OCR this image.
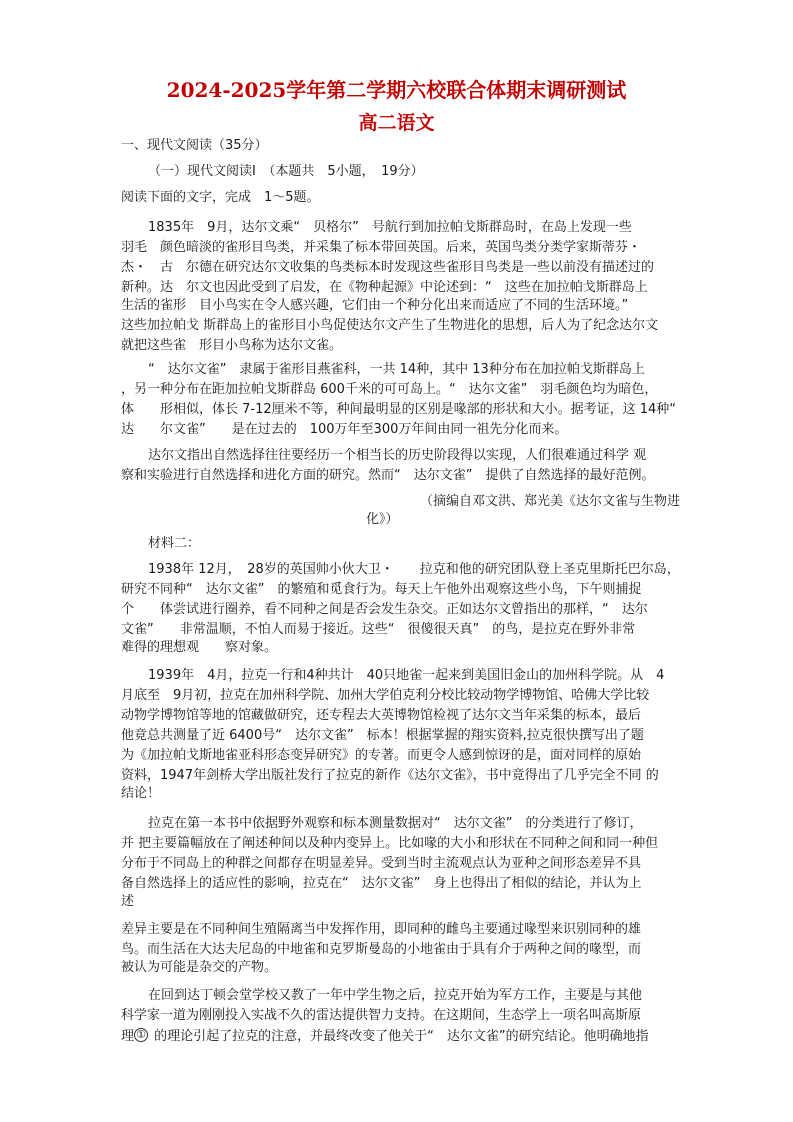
2024-2025学年第二学期六校联合体期末调研测试
高二语文
一、现代文阅读（35分）
（一）现代文阅读Ⅰ　（本题共　5小题，　19分）
阅读下面的文字，完成　1～5题。
1835年　9月，达尔文乘“　贝格尔”　号航行到加拉帕戈斯群岛时，在岛上发现一些
羽毛　颜色暗淡的雀形目鸟类，并采集了标本带回英国。后来，英国鸟类分类学家斯蒂芬・
杰・　古　尔德在研究达尔文收集的鸟类标本时发现这些雀形目鸟类是一些以前没有描述过的
新种。达　尔文也因此受到了启发，在《物种起源》中论述到：“　这些在加拉帕戈斯群岛上
生活的雀形　目小鸟实在令人感兴趣，它们由一个种分化出来而适应了不同的生活环境。”
这些加拉帕戈 斯群岛上的雀形目小鸟促使达尔文产生了生物进化的思想，后人为了纪念达尔文
就把这些雀　形目小鸟称为达尔文雀。
“　达尔文雀”　隶属于雀形目燕雀科，一共 14种，其中 13种分布在加拉帕戈斯群岛上
，另一种分布在距加拉帕戈斯群岛 600千米的可可岛上。“　达尔文雀”　羽毛颜色均为暗色，
体　　形相似，体长 7-12厘米不等，种间最明显的区别是喙部的形状和大小。据考证，这 14种“
达　　尔文雀”　　是在过去的　100万年至300万年间由同一祖先分化而来。
达尔文指出自然选择往往要经历一个相当长的历史阶段得以实现，人们很难通过科学 观
察和实验进行自然选择和进化方面的研究。然而“　达尔文雀”　提供了自然选择的最好范例。
（摘编自邓文洪、郑光美《达尔文雀与生物进
化》）
材料二：
1938年 12月，　28岁的英国帅小伙大卫・　　拉克和他的研究团队登上圣克里斯托巴尔岛，
研究不同种“　达尔文雀”　的繁殖和觅食行为。每天上午他外出观察这些小鸟，下午则捕捉
个　　体尝试进行圈养，看不同种之间是否会发生杂交。正如达尔文曾指出的那样，“　达尔
文雀”　　非常温顺，不怕人而易于接近。这些“　很傻很天真”　的鸟，是拉克在野外非常
难得的理想观　　察对象。
1939年　4月，拉克一行和4种共计　40只地雀一起来到美国旧金山的加州科学院。从　4
月底至　9月初，拉克在加州科学院、加州大学伯克利分校比较动物学博物馆、哈佛大学比较
动物学博物馆等地的馆藏做研究，还专程去大英博物馆检视了达尔文当年采集的标本，最后
他竟总共测量了近 6400号“　达尔文雀”　标本！根据掌握的翔实资料,拉克很快撰写出了题
为《加拉帕戈斯地雀亚科形态变异研究》的专著。而更令人感到惊讶的是，面对同样的原始
资料，1947年剑桥大学出版社发行了拉克的新作《达尔文雀》，书中竟得出了几乎完全不同 的
结论！
拉克在第一本书中依据野外观察和标本测量数据对“　达尔文雀”　的分类进行了修订，
并 把主要篇幅放在了阐述种间以及种内变异上。比如喙的大小和形状在不同种之间和同一种但
分布于不同岛上的种群之间都存在明显差异。受到当时主流观点认为亚种之间形态差异不具
备自然选择上的适应性的影响，拉克在“　达尔文雀”　身上也得出了相似的结论，并认为上
述
差异主要是在不同种间生殖隔离当中发挥作用，即同种的雌鸟主要通过喙型来识别同种的雄
鸟。而生活在大达夫尼岛的中地雀和克罗斯曼岛的小地雀由于具有介于两种之间的喙型，而
被认为可能是杂交的产物。
在回到达丁顿会堂学校又教了一年中学生物之后，拉克开始为军方工作，主要是与其他
科学家一道为刚刚投入实战不久的雷达提供智力支持。在这期间，生态学上一项名叫高斯原
理 ① 的理论引起了拉克的注意，并最终改变了他关于“　达尔文雀”的研究结论。他明确地指
